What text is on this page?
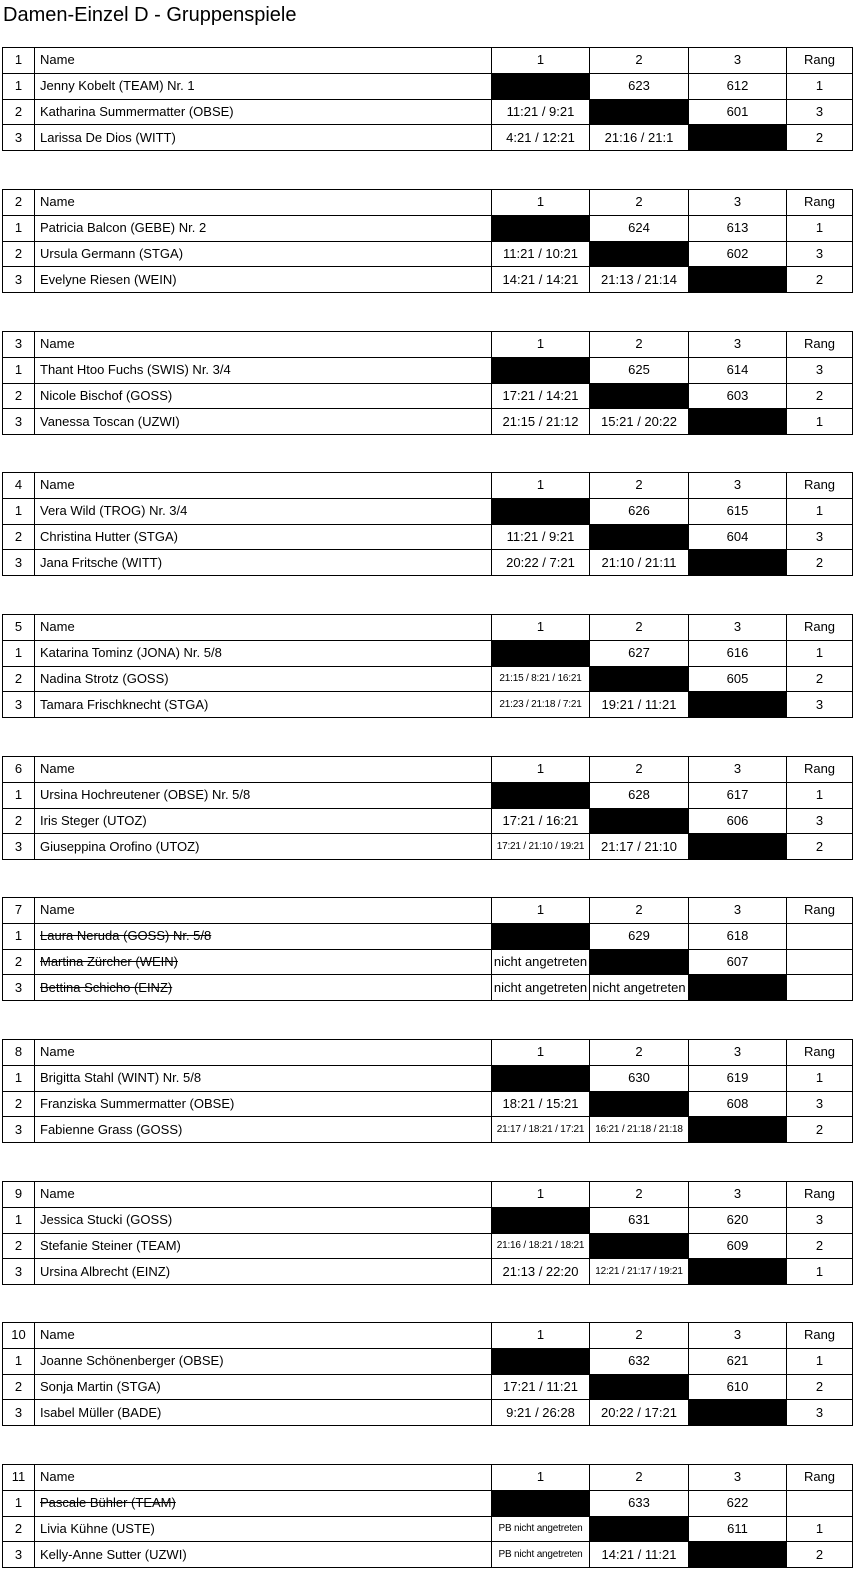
Damen-Einzel D - Gruppenspiele
1	Name	1	2	3	Rang
1	Jenny Kobelt (TEAM) Nr. 1		623	612	1
2	Katharina Summermatter (OBSE)	11:21 / 9:21		601	3
3	Larissa De Dios (WITT)	4:21 / 12:21	21:16 / 21:1		2
2	Name	1	2	3	Rang
1	Patricia Balcon (GEBE) Nr. 2		624	613	1
2	Ursula Germann (STGA)	11:21 / 10:21		602	3
3	Evelyne Riesen (WEIN)	14:21 / 14:21	21:13 / 21:14		2
3	Name	1	2	3	Rang
1	Thant Htoo Fuchs (SWIS) Nr. 3/4		625	614	3
2	Nicole Bischof (GOSS)	17:21 / 14:21		603	2
3	Vanessa Toscan (UZWI)	21:15 / 21:12	15:21 / 20:22		1
4	Name	1	2	3	Rang
1	Vera Wild (TROG) Nr. 3/4		626	615	1
2	Christina Hutter (STGA)	11:21 / 9:21		604	3
3	Jana Fritsche (WITT)	20:22 / 7:21	21:10 / 21:11		2
5	Name	1	2	3	Rang
1	Katarina Tominz (JONA) Nr. 5/8		627	616	1
2	Nadina Strotz (GOSS)	21:15 / 8:21 / 16:21		605	2
3	Tamara Frischknecht (STGA)	21:23 / 21:18 / 7:21	19:21 / 11:21		3
6	Name	1	2	3	Rang
1	Ursina Hochreutener (OBSE) Nr. 5/8		628	617	1
2	Iris Steger (UTOZ)	17:21 / 16:21		606	3
3	Giuseppina Orofino (UTOZ)	17:21 / 21:10 / 19:21	21:17 / 21:10		2
7	Name	1	2	3	Rang
1	Laura Neruda (GOSS) Nr. 5/8		629	618	
2	Martina Zürcher (WEIN)	nicht angetreten		607	
3	Bettina Schicho (EINZ)	nicht angetreten	nicht angetreten		
8	Name	1	2	3	Rang
1	Brigitta Stahl (WINT) Nr. 5/8		630	619	1
2	Franziska Summermatter (OBSE)	18:21 / 15:21		608	3
3	Fabienne Grass (GOSS)	21:17 / 18:21 / 17:21	16:21 / 21:18 / 21:18		2
9	Name	1	2	3	Rang
1	Jessica Stucki (GOSS)		631	620	3
2	Stefanie Steiner (TEAM)	21:16 / 18:21 / 18:21		609	2
3	Ursina Albrecht (EINZ)	21:13 / 22:20	12:21 / 21:17 / 19:21		1
10	Name	1	2	3	Rang
1	Joanne Schönenberger (OBSE)		632	621	1
2	Sonja Martin (STGA)	17:21 / 11:21		610	2
3	Isabel Müller (BADE)	9:21 / 26:28	20:22 / 17:21		3
11	Name	1	2	3	Rang
1	Pascale Bühler (TEAM)		633	622	
2	Livia Kühne (USTE)	PB nicht angetreten		611	1
3	Kelly-Anne Sutter (UZWI)	PB nicht angetreten	14:21 / 11:21		2
